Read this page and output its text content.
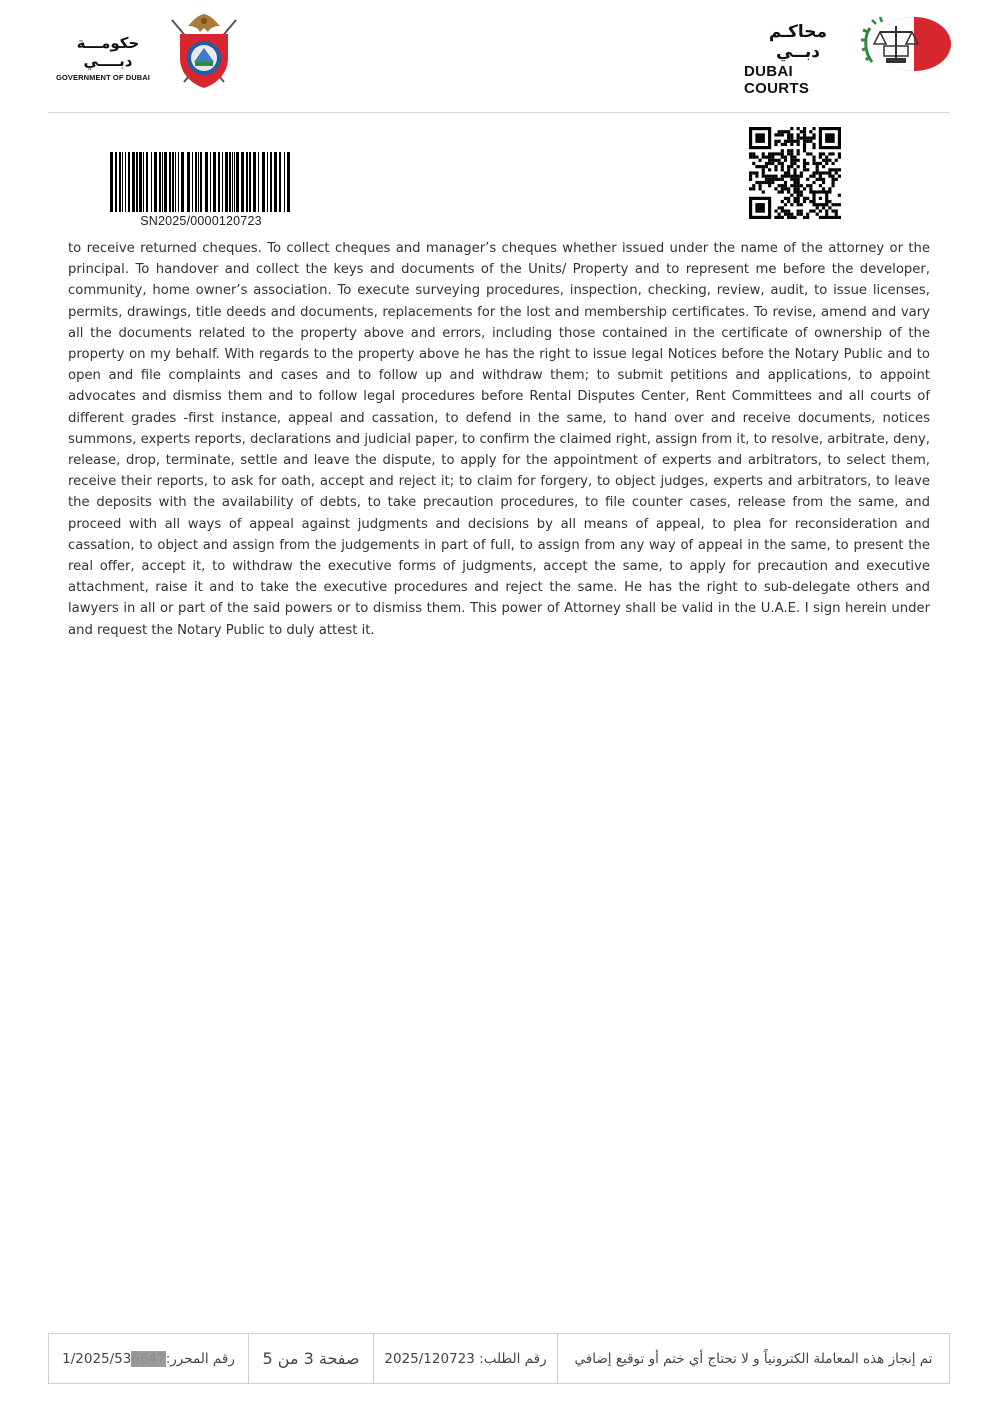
حكومـــة دبــــي
GOVERNMENT OF DUBAI
محاكـم دبــي
DUBAI COURTS
SN2025/0000120723

to receive returned cheques. To collect cheques and manager’s cheques whether issued under the name of the attorney or the principal. To handover and collect the keys and documents of the Units/ Property and to represent me before the developer, community, home owner’s association. To execute surveying procedures, inspection, checking, review, audit, to issue licenses, permits, drawings, title deeds and documents, replacements for the lost and membership certificates. To revise, amend and vary all the documents related to the property above and errors, including those contained in the certificate of ownership of the property on my behalf. With regards to the property above he has the right to issue legal Notices before the Notary Public and to open and file complaints and cases and to follow up and withdraw them; to submit petitions and applications, to appoint advocates and dismiss them and to follow legal procedures before Rental Disputes Center, Rent Committees and all courts of different grades -first instance, appeal and cassation, to defend in the same, to hand over and receive documents, notices summons, experts reports, declarations and judicial paper, to confirm the claimed right, assign from it, to resolve, arbitrate, deny, release, drop, terminate, settle and leave the dispute, to apply for the appointment of experts and arbitrators, to select them, receive their reports, to ask for oath, accept and reject it; to claim for forgery, to object judges, experts and arbitrators, to leave the deposits with the availability of debts, to take precaution procedures, to file counter cases, release from the same, and proceed with all ways of appeal against judgments and decisions by all means of appeal, to plea for reconsideration and cassation, to object and assign from the judgements in part of full, to assign from any way of appeal in the same, to present the real offer, accept it, to withdraw the executive forms of judgments, accept the same, to apply for precaution and executive attachment, raise it and to take the executive procedures and reject the same. He has the right to sub-delegate others and lawyers in all or part of the said powers or to dismiss them. This power of Attorney shall be valid in the U.A.E. I sign herein under and request the Notary Public to duly attest it.

رقم المحرر:
1/2025/536647	صفحة 3 من 5	رقم الطلب:

2025/120723	تم إنجاز هذه المعاملة الكترونياً و لا تحتاج أي ختم أو توقيع إضافي
